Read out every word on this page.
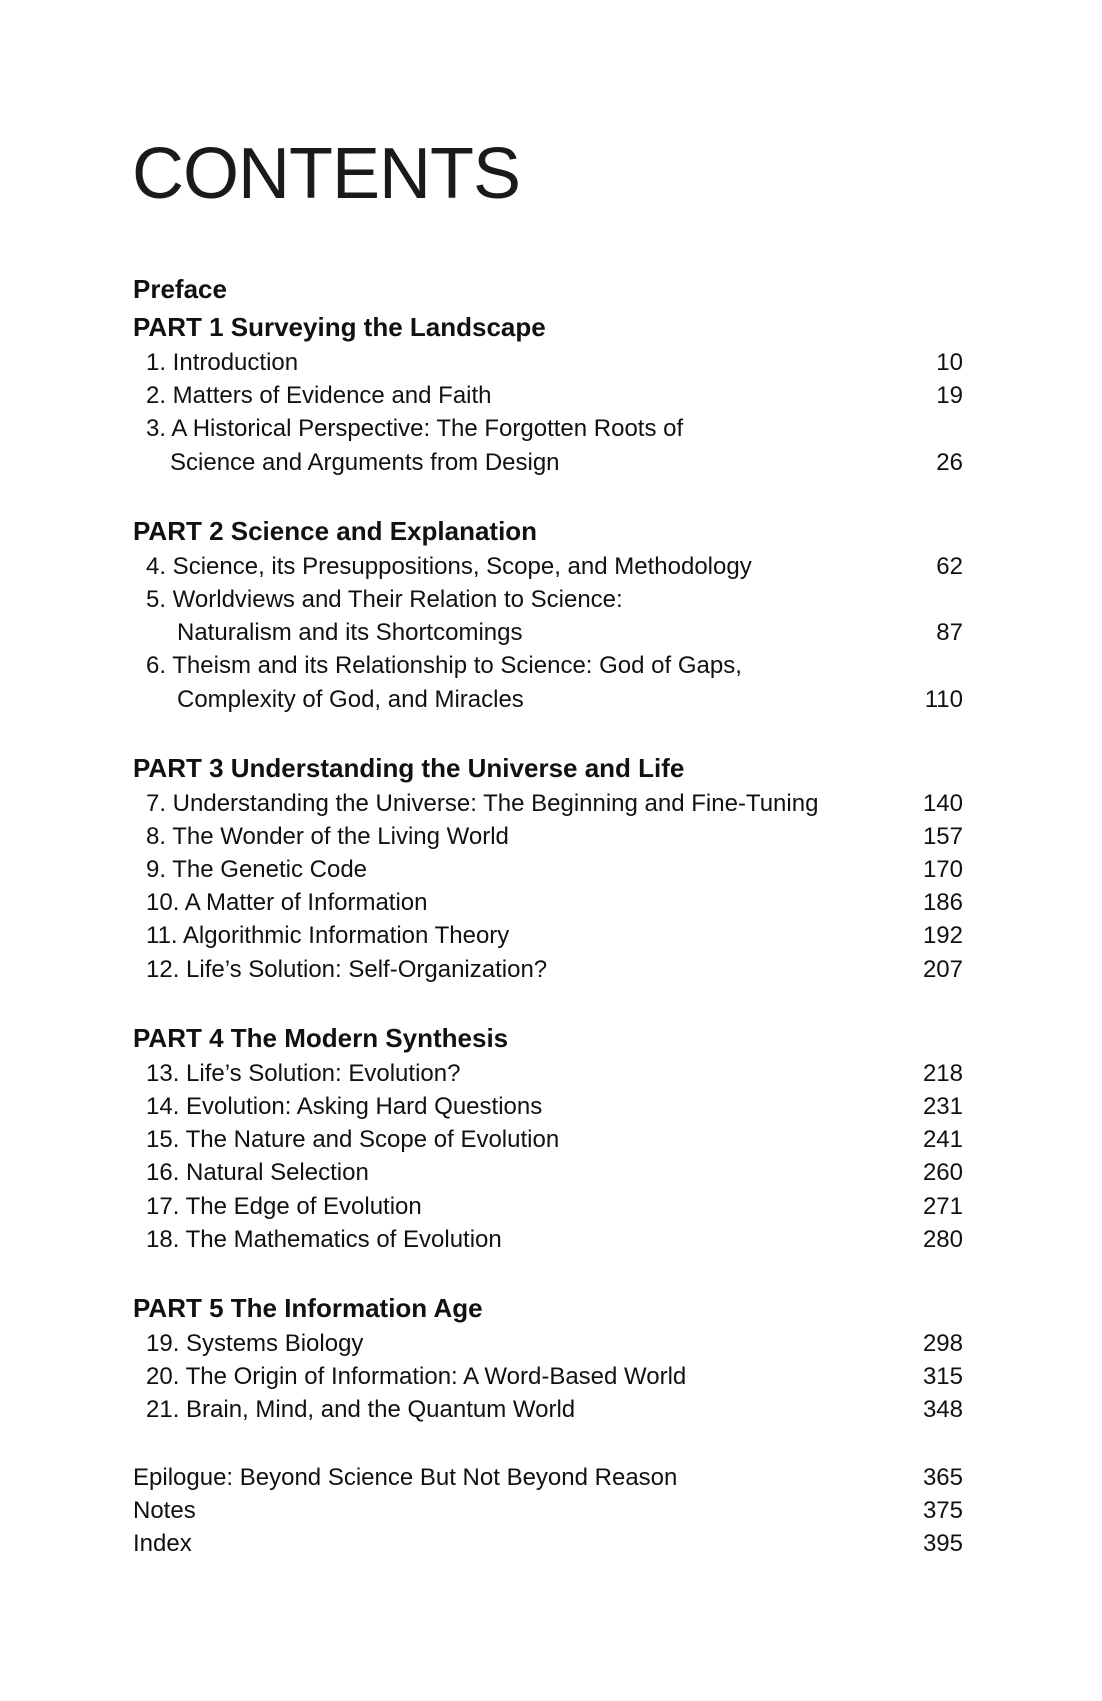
CONTENTS
Preface
PART 1 Surveying the Landscape
1. Introduction	10
2. Matters of Evidence and Faith	19
3. A Historical Perspective: The Forgotten Roots of
Science and Arguments from Design	26
PART 2 Science and Explanation
4. Science, its Presuppositions, Scope, and Methodology	62
5. Worldviews and Their Relation to Science:
Naturalism and its Shortcomings	87
6. Theism and its Relationship to Science: God of Gaps,
Complexity of God, and Miracles	110
PART 3 Understanding the Universe and Life
7. Understanding the Universe: The Beginning and Fine-Tuning	140
8. The Wonder of the Living World	157
9. The Genetic Code	170
10. A Matter of Information	186
11. Algorithmic Information Theory	192
12. Life’s Solution: Self-Organization?	207
PART 4 The Modern Synthesis
13. Life’s Solution: Evolution?	218
14. Evolution: Asking Hard Questions	231
15. The Nature and Scope of Evolution	241
16. Natural Selection	260
17. The Edge of Evolution	271
18. The Mathematics of Evolution	280
PART 5 The Information Age
19. Systems Biology	298
20. The Origin of Information: A Word-Based World	315
21. Brain, Mind, and the Quantum World	348
Epilogue: Beyond Science But Not Beyond Reason	365
Notes	375
Index	395
